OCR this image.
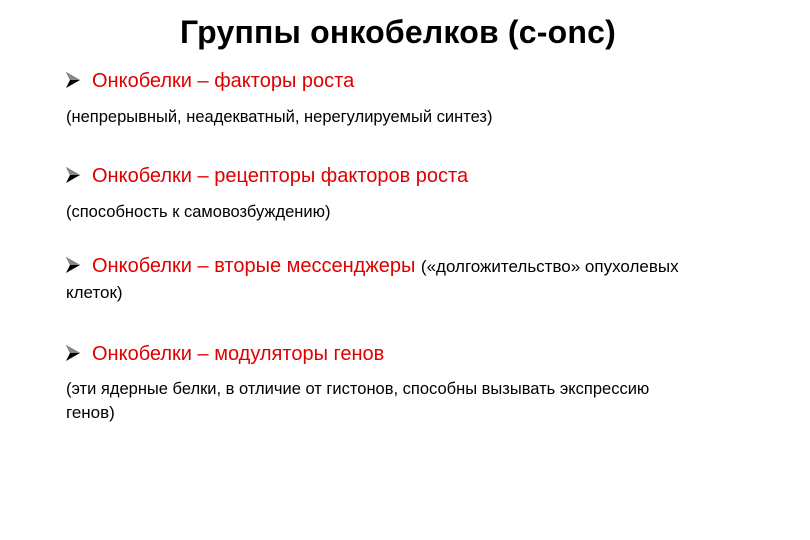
Группы онкобелков (c-onc)
Онкобелки – факторы роста
(непрерывный, неадекватный, нерегулируемый синтез)
Онкобелки – рецепторы факторов роста
(способность к самовозбуждению)
Онкобелки – вторые мессенджеры («долгожительство» опухолевых
клеток)
Онкобелки – модуляторы генов
(эти ядерные белки, в отличие от гистонов, способны вызывать экспрессию
генов)
